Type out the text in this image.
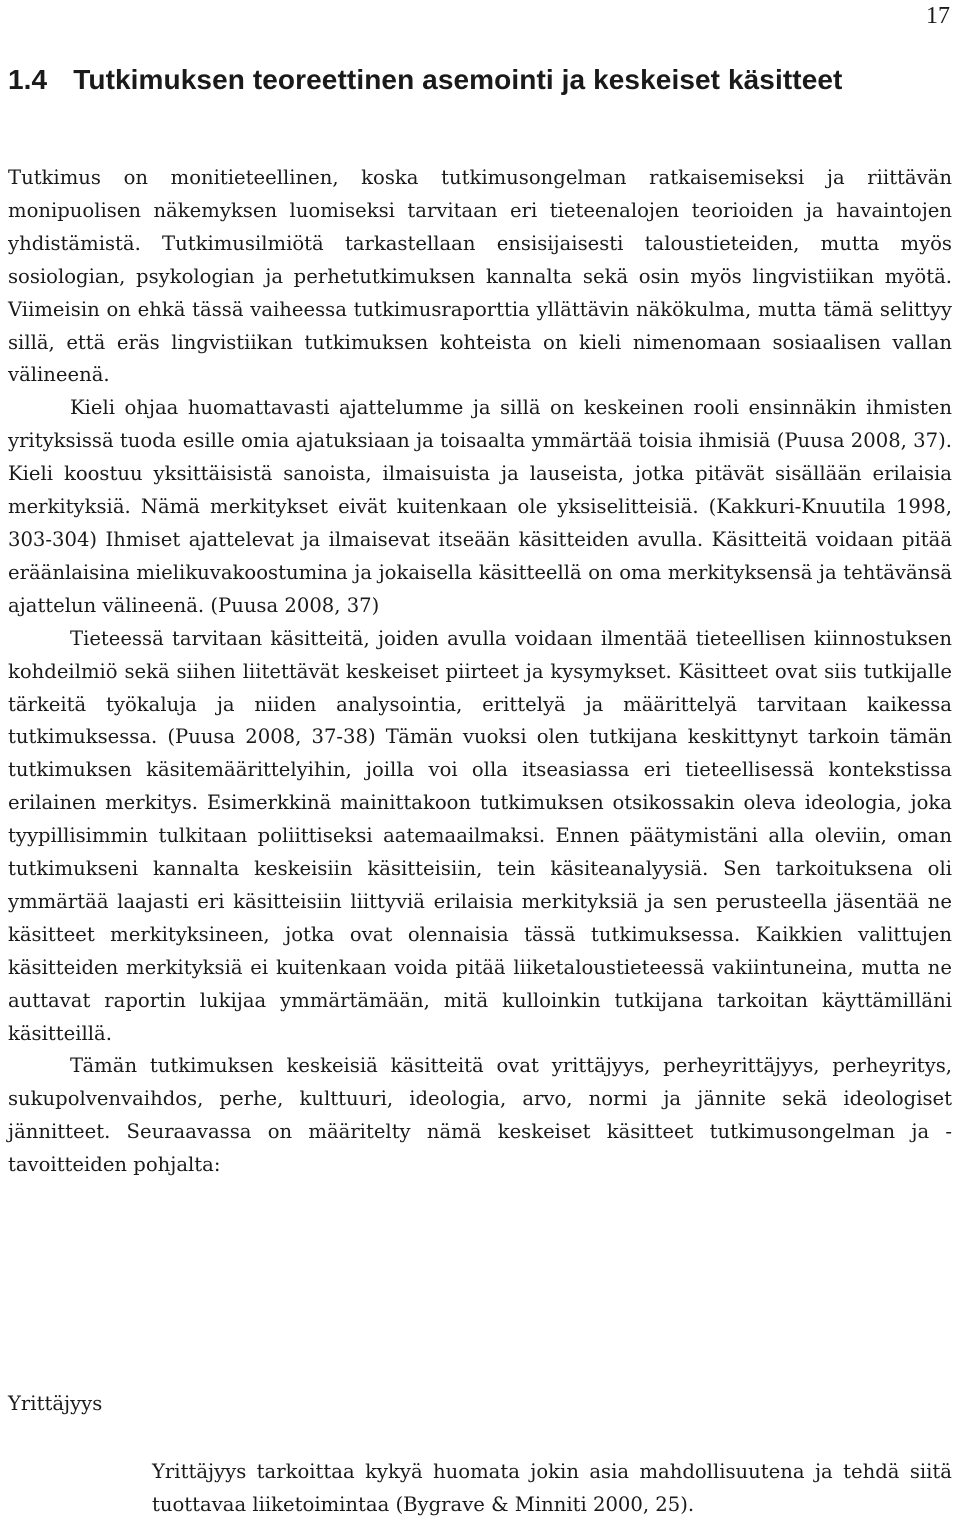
17
1.4 Tutkimuksen teoreettinen asemointi ja keskeiset käsitteet

Tutkimus on monitieteellinen, koska tutkimusongelman ratkaisemiseksi ja riittävän monipuolisen näkemyksen luomiseksi tarvitaan eri tieteenalojen teorioiden ja havaintojen yhdistämistä. Tutkimusilmiötä tarkastellaan ensisijaisesti taloustieteiden, mutta myös sosiologian, psykologian ja perhetutkimuksen kannalta sekä osin myös lingvistiikan myötä. Viimeisin on ehkä tässä vaiheessa tutkimusraporttia yllättävin näkökulma, mutta tämä selittyy sillä, että eräs lingvistiikan tutkimuksen kohteista on kieli nimenomaan sosiaalisen vallan välineenä.

Kieli ohjaa huomattavasti ajattelumme ja sillä on keskeinen rooli ensinnäkin ihmisten yrityksissä tuoda esille omia ajatuksiaan ja toisaalta ymmärtää toisia ihmisiä (Puusa 2008, 37). Kieli koostuu yksittäisistä sanoista, ilmaisuista ja lauseista, jotka pitävät sisällään erilaisia merkityksiä. Nämä merkitykset eivät kuitenkaan ole yksiselitteisiä. (Kakkuri-Knuutila 1998, 303-304) Ihmiset ajattelevat ja ilmaisevat itseään käsitteiden avulla. Käsitteitä voidaan pitää eräänlaisina mielikuvakoostumina ja jokaisella käsitteellä on oma merkityksensä ja tehtävänsä ajattelun välineenä. (Puusa 2008, 37)

Tieteessä tarvitaan käsitteitä, joiden avulla voidaan ilmentää tieteellisen kiinnostuksen kohdeilmiö sekä siihen liitettävät keskeiset piirteet ja kysymykset. Käsitteet ovat siis tutkijalle tärkeitä työkaluja ja niiden analysointia, erittelyä ja määrittelyä tarvitaan kaikessa tutkimuksessa. (Puusa 2008, 37-38) Tämän vuoksi olen tutkijana keskittynyt tarkoin tämän tutkimuksen käsitemäärittelyihin, joilla voi olla itseasiassa eri tieteellisessä kontekstissa erilainen merkitys. Esimerkkinä mainittakoon tutkimuksen otsikossakin oleva ideologia, joka tyypillisimmin tulkitaan poliittiseksi aatemaailmaksi. Ennen päätymistäni alla oleviin, oman tutkimukseni kannalta keskeisiin käsitteisiin, tein käsiteanalyysiä. Sen tarkoituksena oli ymmärtää laajasti eri käsitteisiin liittyviä erilaisia merkityksiä ja sen perusteella jäsentää ne käsitteet merkityksineen, jotka ovat olennaisia tässä tutkimuksessa. Kaikkien valittujen käsitteiden merkityksiä ei kuitenkaan voida pitää liiketaloustieteessä vakiintuneina, mutta ne auttavat raportin lukijaa ymmärtämään, mitä kulloinkin tutkijana tarkoitan käyttämilläni käsitteillä.

Tämän tutkimuksen keskeisiä käsitteitä ovat yrittäjyys, perheyrittäjyys, perheyritys, sukupolvenvaihdos, perhe, kulttuuri, ideologia, arvo, normi ja jännite sekä ideologiset jännitteet. Seuraavassa on määritelty nämä keskeiset käsitteet tutkimusongelman ja -tavoitteiden pohjalta:

Yrittäjyys

Yrittäjyys tarkoittaa kykyä huomata jokin asia mahdollisuutena ja tehdä siitä tuottavaa liiketoimintaa (Bygrave & Minniti 2000, 25).
